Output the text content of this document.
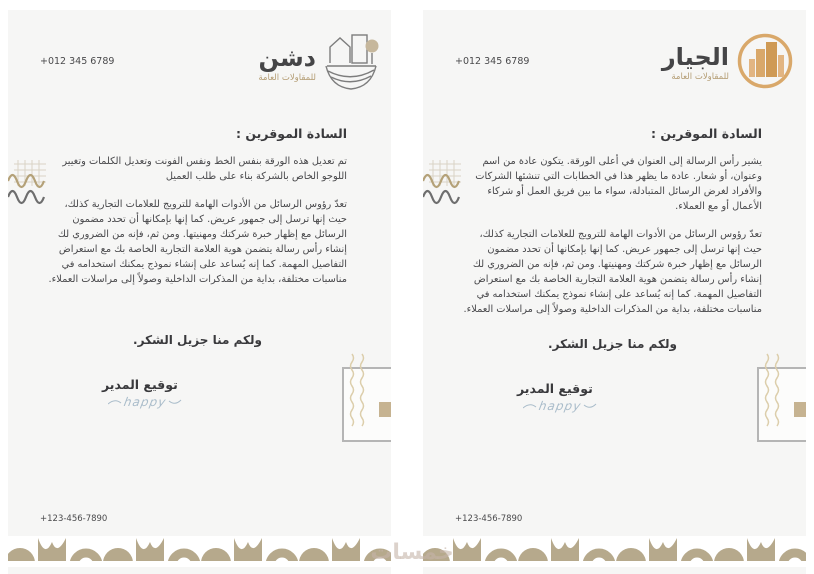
دشن
للمقاولات العامة
+012 345 6789
السادة الموقرين :

تم تعديل هذه الورقة بنفس الخط ونفس الفونت وتعديل الكلمات وتغيير اللوجو الخاص بالشركة بناء على طلب العميل

تعدّ رؤوس الرسائل من الأدوات الهامة للترويج للعلامات التجارية كذلك، حيث إنها ترسل إلى جمهور عريض. كما إنها بإمكانها أن تحدد مضمون الرسائل مع إظهار خبرة شركتك ومهنيتها. ومن ثم، فإنه من الضروري لك إنشاء رأس رسالة يتضمن هوية العلامة التجارية الخاصة بك مع استعراض التفاصيل المهمة. كما إنه يُساعد على إنشاء نموذج يمكنك استخدامه في مناسبات مختلفة، بداية من المذكرات الداخلية وصولاً إلى مراسلات العملاء.

ولكم منا جزيل الشكر.
توقيع المدير
happy
+123-456-7890
الجيار
للمقاولات العامة
+012 345 6789
السادة الموقرين :

يشير رأس الرسالة إلى العنوان في أعلى الورقة. يتكون عادة من اسم وعنوان، أو شعار. عادة ما يظهر هذا في الخطابات التي تنشئها الشركات والأفراد لغرض الرسائل المتبادلة، سواء ما بين فريق العمل أو شركاء الأعمال أو مع العملاء.

تعدّ رؤوس الرسائل من الأدوات الهامة للترويج للعلامات التجارية كذلك، حيث إنها ترسل إلى جمهور عريض. كما إنها بإمكانها أن تحدد مضمون الرسائل مع إظهار خبرة شركتك ومهنيتها. ومن ثم، فإنه من الضروري لك إنشاء رأس رسالة يتضمن هوية العلامة التجارية الخاصة بك مع استعراض التفاصيل المهمة. كما إنه يُساعد على إنشاء نموذج يمكنك استخدامه في مناسبات مختلفة، بداية من المذكرات الداخلية وصولاً إلى مراسلات العملاء.

ولكم منا جزيل الشكر.
توقيع المدير
happy
+123-456-7890
خمسات
